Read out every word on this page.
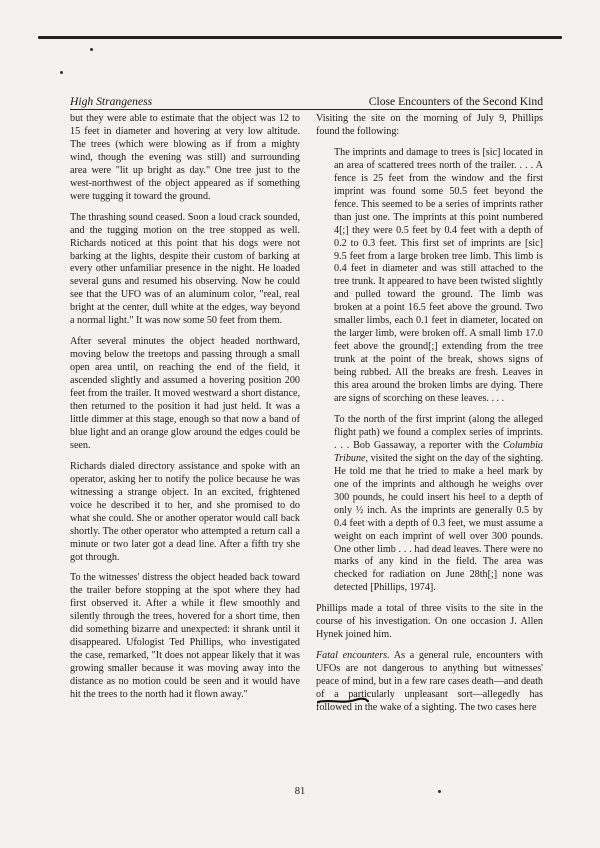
High Strangeness	Close Encounters of the Second Kind

but they were able to estimate that the object was 12 to 15 feet in diameter and hovering at very low altitude. The trees (which were blowing as if from a mighty wind, though the evening was still) and surrounding area were "lit up bright as day." One tree just to the west-northwest of the object appeared as if something were tugging it toward the ground.

The thrashing sound ceased. Soon a loud crack sounded, and the tugging motion on the tree stopped as well. Richards noticed at this point that his dogs were not barking at the lights, despite their custom of barking at every other unfamiliar presence in the night. He loaded several guns and resumed his observing. Now he could see that the UFO was of an aluminum color, "real, real bright at the center, dull white at the edges, way beyond a normal light." It was now some 50 feet from them.

After several minutes the object headed northward, moving below the treetops and passing through a small open area until, on reaching the end of the field, it ascended slightly and assumed a hovering position 200 feet from the trailer. It moved westward a short distance, then returned to the position it had just held. It was a little dimmer at this stage, enough so that now a band of blue light and an orange glow around the edges could be seen.

Richards dialed directory assistance and spoke with an operator, asking her to notify the police because he was witnessing a strange object. In an excited, frightened voice he described it to her, and she promised to do what she could. She or another operator would call back shortly. The other operator who attempted a return call a minute or two later got a dead line. After a fifth try she got through.

To the witnesses' distress the object headed back toward the trailer before stopping at the spot where they had first observed it. After a while it flew smoothly and silently through the trees, hovered for a short time, then did something bizarre and unexpected: it shrank until it disappeared. Ufologist Ted Phillips, who investigated the case, remarked, "It does not appear likely that it was growing smaller because it was moving away into the distance as no motion could be seen and it would have hit the trees to the north had it flown away."

Visiting the site on the morning of July 9, Phillips found the following:

The imprints and damage to trees is [sic] located in an area of scattered trees north of the trailer. . . . A fence is 25 feet from the window and the first imprint was found some 50.5 feet beyond the fence. This seemed to be a series of imprints rather than just one. The imprints at this point numbered 4[;] they were 0.5 feet by 0.4 feet with a depth of 0.2 to 0.3 feet. This first set of imprints are [sic] 9.5 feet from a large broken tree limb. This limb is 0.4 feet in diameter and was still attached to the tree trunk. It appeared to have been twisted slightly and pulled toward the ground. The limb was broken at a point 16.5 feet above the ground. Two smaller limbs, each 0.1 feet in diameter, located on the larger limb, were broken off. A small limb 17.0 feet above the ground[;] extending from the tree trunk at the point of the break, shows signs of being rubbed. All the breaks are fresh. Leaves in this area around the broken limbs are dying. There are signs of scorching on these leaves. . . .

To the north of the first imprint (along the alleged flight path) we found a complex series of imprints. . . . Bob Gassaway, a reporter with the Columbia Tribune, visited the sight on the day of the sighting. He told me that he tried to make a heel mark by one of the imprints and although he weighs over 300 pounds, he could insert his heel to a depth of only ½ inch. As the imprints are generally 0.5 by 0.4 feet with a depth of 0.3 feet, we must assume a weight on each imprint of well over 300 pounds. One other limb . . . had dead leaves. There were no marks of any kind in the field. The area was checked for radiation on June 28th[;] none was detected [Phillips, 1974].

Phillips made a total of three visits to the site in the course of his investigation. On one occasion J. Allen Hynek joined him.

Fatal encounters. As a general rule, encounters with UFOs are not dangerous to anything but witnesses' peace of mind, but in a few rare cases death—and death of a particularly unpleasant sort—allegedly has followed in the wake of a sighting. The two cases here

81
